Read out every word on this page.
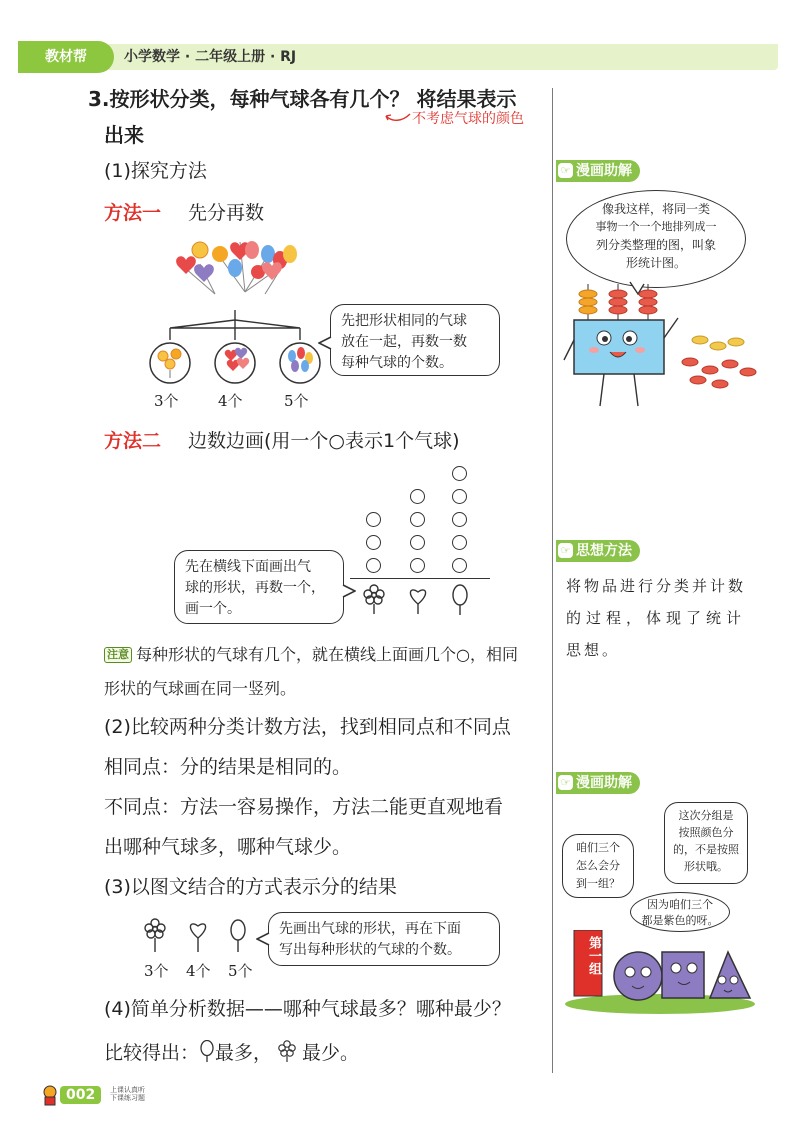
教材帮	小学数学 · 二年级上册 · RJ
3.按形状分类，每种气球各有几个？ 将结果表示
出来
不考虑气球的颜色
(1)探究方法
方法一 先分再数
3个	4个	5个
先把形状相同的气球
放在一起，再数一数
每种气球的个数。
方法二 边数边画(用一个○表示1个气球)
先在横线下面画出气
球的形状，再数一个，
画一个。
注意 每种形状的气球有几个，就在横线上面画几个○，相同
形状的气球画在同一竖列。
(2)比较两种分类计数方法，找到相同点和不同点
相同点：分的结果是相同的。
不同点：方法一容易操作，方法二能更直观地看
出哪种气球多，哪种气球少。
(3)以图文结合的方式表示分的结果
3个 4个 5个
先画出气球的形状，再在下面
写出每种形状的气球的个数。
(4)简单分析数据——哪种气球最多？哪种最少？
比较得出： 最多， 最少。
☞ 漫画助解
像我这样，将同一类
事物一个一个地排列成一
列分类整理的图，叫象
形统计图。
☞ 思想方法
将物品进行分类并计数
的过程，体现了统计
思想。
☞ 漫画助解
这次分组是
按照颜色分
的，不是按照
形状哦。
咱们三个
怎么会分
到一组？
因为咱们三个
都是紫色的呀。
第一组
002	上课认真听
下课练习题
